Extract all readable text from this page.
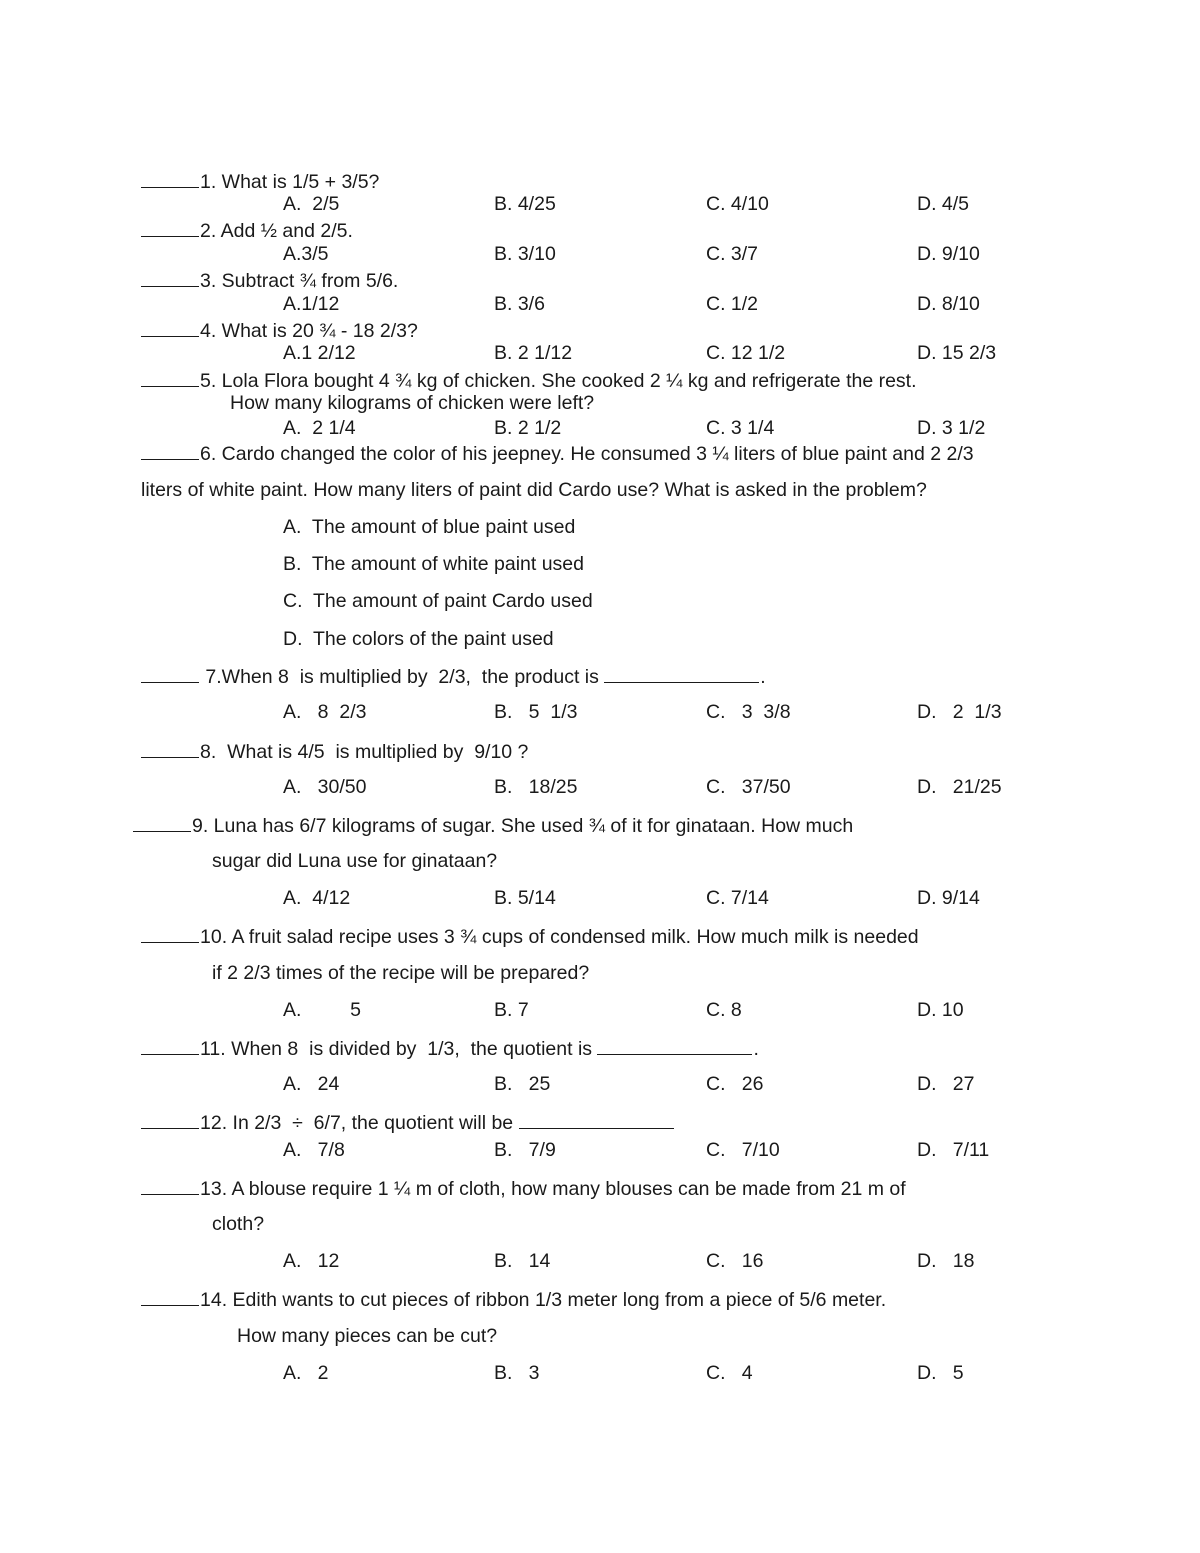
1. What is 1/5 + 3/5?
A.  2/5	B. 4/25	C. 4/10	D. 4/5
2. Add ½ and 2/5.
A.3/5	B. 3/10	C. 3/7	D. 9/10
3. Subtract ¾ from 5/6.
A.1/12	B. 3/6	C. 1/2	D. 8/10
4. What is 20 ¾ - 18 2/3?
A.1 2/12	B. 2 1/12	C. 12 1/2	D. 15 2/3
5. Lola Flora bought 4 ¾ kg of chicken. She cooked 2 ¼ kg and refrigerate the rest.
How many kilograms of chicken were left?
A.  2 1/4	B. 2 1/2	C. 3 1/4	D. 3 1/2
6. Cardo changed the color of his jeepney. He consumed 3 ¼ liters of blue paint and 2 2/3
liters of white paint. How many liters of paint did Cardo use? What is asked in the problem?
A.  The amount of blue paint used
B.  The amount of white paint used
C.  The amount of paint Cardo used
D.  The colors of the paint used
7.When 8  is multiplied by  2/3,  the product is	.
A.   8  2/3	B.   5  1/3	C.   3  3/8	D.   2  1/3
8.  What is 4/5  is multiplied by  9/10 ?
A.   30/50	B.   18/25	C.   37/50	D.   21/25
9. Luna has 6/7 kilograms of sugar. She used ¾ of it for ginataan. How much
sugar did Luna use for ginataan?
A.  4/12	B. 5/14	C. 7/14	D. 9/14
10. A fruit salad recipe uses 3 ¾ cups of condensed milk. How much milk is needed
if 2 2/3 times of the recipe will be prepared?
A.         5	B. 7	C. 8	D. 10
11. When 8  is divided by  1/3,  the quotient is	.
A.   24	B.   25	C.   26	D.   27
12. In 2/3  ÷  6/7, the quotient will be
A.   7/8	B.   7/9	C.   7/10	D.   7/11
13. A blouse require 1 ¼ m of cloth, how many blouses can be made from 21 m of
cloth?
A.   12	B.   14	C.   16	D.   18
14. Edith wants to cut pieces of ribbon 1/3 meter long from a piece of 5/6 meter.
How many pieces can be cut?
A.   2	B.   3	C.   4	D.   5
